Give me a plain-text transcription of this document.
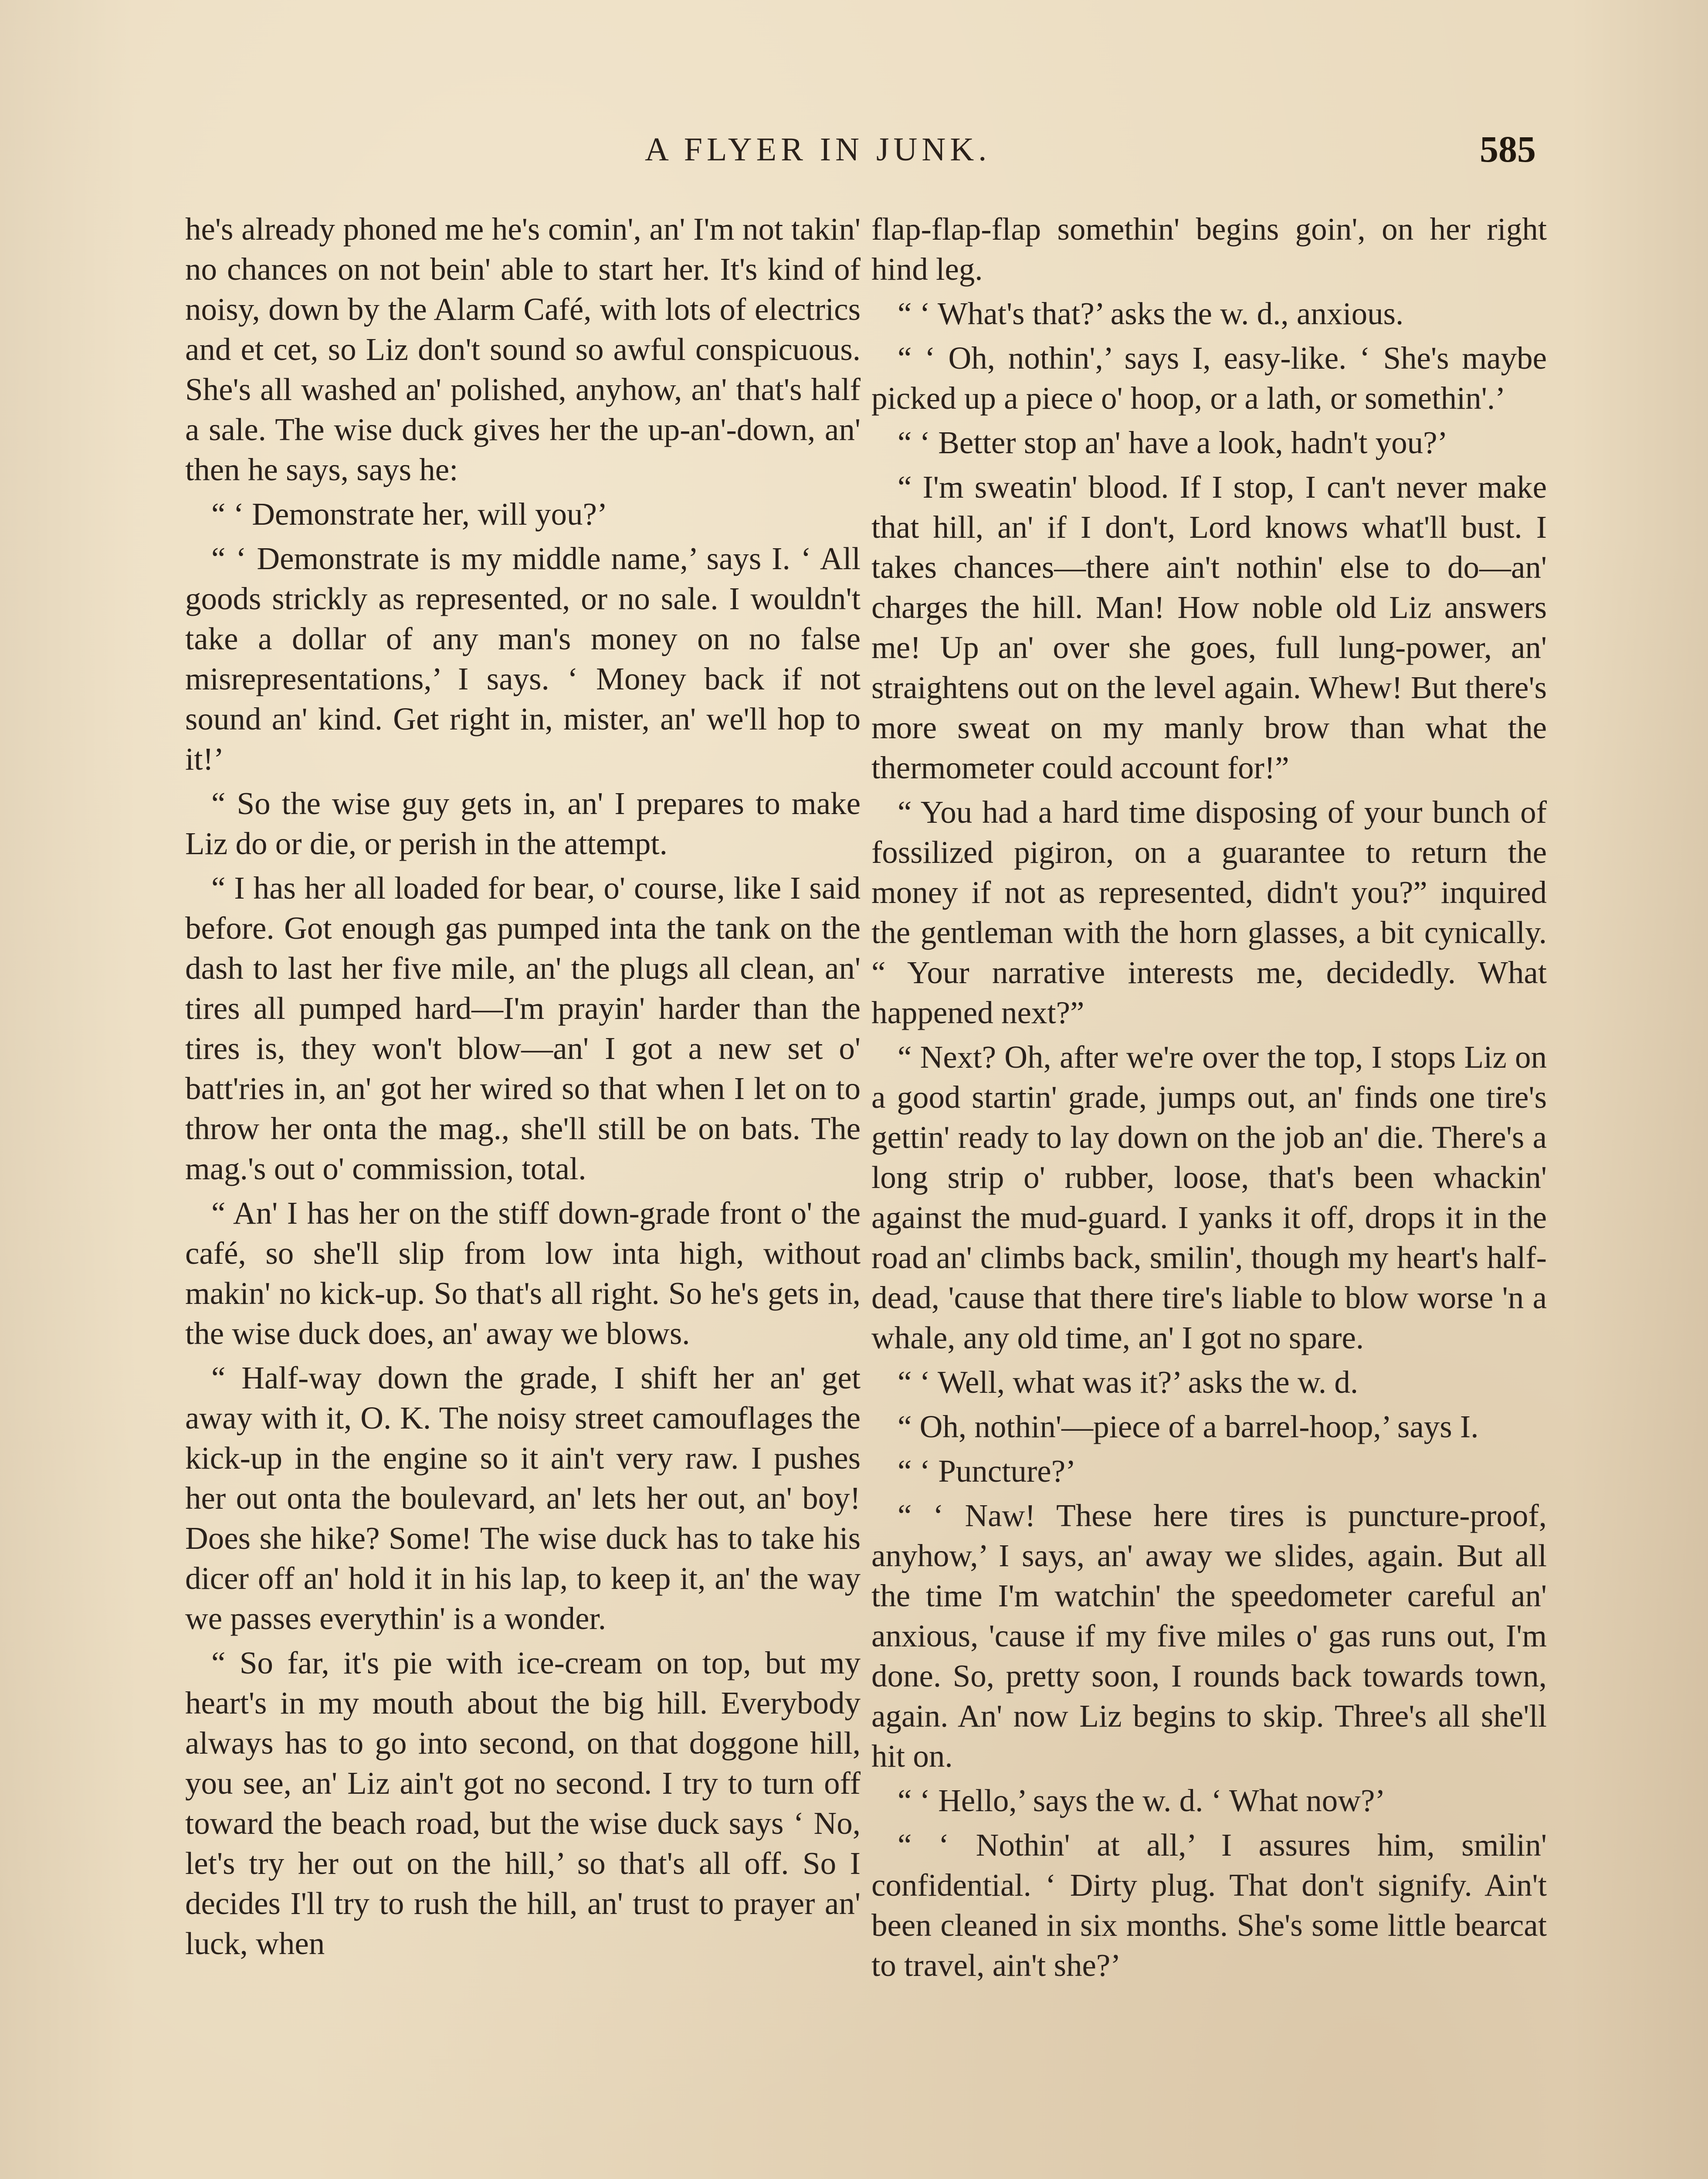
A FLYER IN JUNK.	585

he's already phoned me he's comin', an' I'm not takin' no chances on not bein' able to start her. It's kind of noisy, down by the Alarm Café, with lots of electrics and et cet, so Liz don't sound so awful conspicuous. She's all washed an' polished, anyhow, an' that's half a sale. The wise duck gives her the up-an'-down, an' then he says, says he:

“ ‘ Demonstrate her, will you?’

“ ‘ Demonstrate is my middle name,’ says I. ‘ All goods strickly as represented, or no sale. I wouldn't take a dollar of any man's money on no false misrepresentations,’ I says. ‘ Money back if not sound an' kind. Get right in, mister, an' we'll hop to it!’

“ So the wise guy gets in, an' I prepares to make Liz do or die, or perish in the attempt.

“ I has her all loaded for bear, o' course, like I said before. Got enough gas pumped inta the tank on the dash to last her five mile, an' the plugs all clean, an' tires all pumped hard—I'm prayin' harder than the tires is, they won't blow—an' I got a new set o' batt'ries in, an' got her wired so that when I let on to throw her onta the mag., she'll still be on bats. The mag.'s out o' commission, total.

“ An' I has her on the stiff down-grade front o' the café, so she'll slip from low inta high, without makin' no kick-up. So that's all right. So he's gets in, the wise duck does, an' away we blows.

“ Half-way down the grade, I shift her an' get away with it, O. K. The noisy street camouflages the kick-up in the engine so it ain't very raw. I pushes her out onta the boulevard, an' lets her out, an' boy! Does she hike? Some! The wise duck has to take his dicer off an' hold it in his lap, to keep it, an' the way we passes everythin' is a wonder.

“ So far, it's pie with ice-cream on top, but my heart's in my mouth about the big hill. Everybody always has to go into second, on that doggone hill, you see, an' Liz ain't got no second. I try to turn off toward the beach road, but the wise duck says ‘ No, let's try her out on the hill,’ so that's all off. So I decides I'll try to rush the hill, an' trust to prayer an' luck, when

flap-flap-flap somethin' begins goin', on her right hind leg.

“ ‘ What's that?’ asks the w. d., anxious.

“ ‘ Oh, nothin',’ says I, easy-like. ‘ She's maybe picked up a piece o' hoop, or a lath, or somethin'.’

“ ‘ Better stop an' have a look, hadn't you?’

“ I'm sweatin' blood. If I stop, I can't never make that hill, an' if I don't, Lord knows what'll bust. I takes chances—there ain't nothin' else to do—an' charges the hill. Man! How noble old Liz answers me! Up an' over she goes, full lung-power, an' straightens out on the level again. Whew! But there's more sweat on my manly brow than what the thermometer could account for!”

“ You had a hard time disposing of your bunch of fossilized pigiron, on a guarantee to return the money if not as represented, didn't you?” inquired the gentleman with the horn glasses, a bit cynically. “ Your narrative interests me, decidedly. What happened next?”

“ Next? Oh, after we're over the top, I stops Liz on a good startin' grade, jumps out, an' finds one tire's gettin' ready to lay down on the job an' die. There's a long strip o' rubber, loose, that's been whackin' against the mud-guard. I yanks it off, drops it in the road an' climbs back, smilin', though my heart's half-dead, 'cause that there tire's liable to blow worse 'n a whale, any old time, an' I got no spare.

“ ‘ Well, what was it?’ asks the w. d.

“ Oh, nothin'—piece of a barrel-hoop,’ says I.

“ ‘ Puncture?’

“ ‘ Naw! These here tires is puncture-proof, anyhow,’ I says, an' away we slides, again. But all the time I'm watchin' the speedometer careful an' anxious, 'cause if my five miles o' gas runs out, I'm done. So, pretty soon, I rounds back towards town, again. An' now Liz begins to skip. Three's all she'll hit on.

“ ‘ Hello,’ says the w. d. ‘ What now?’

“ ‘ Nothin' at all,’ I assures him, smilin' confidential. ‘ Dirty plug. That don't signify. Ain't been cleaned in six months. She's some little bearcat to travel, ain't she?’
